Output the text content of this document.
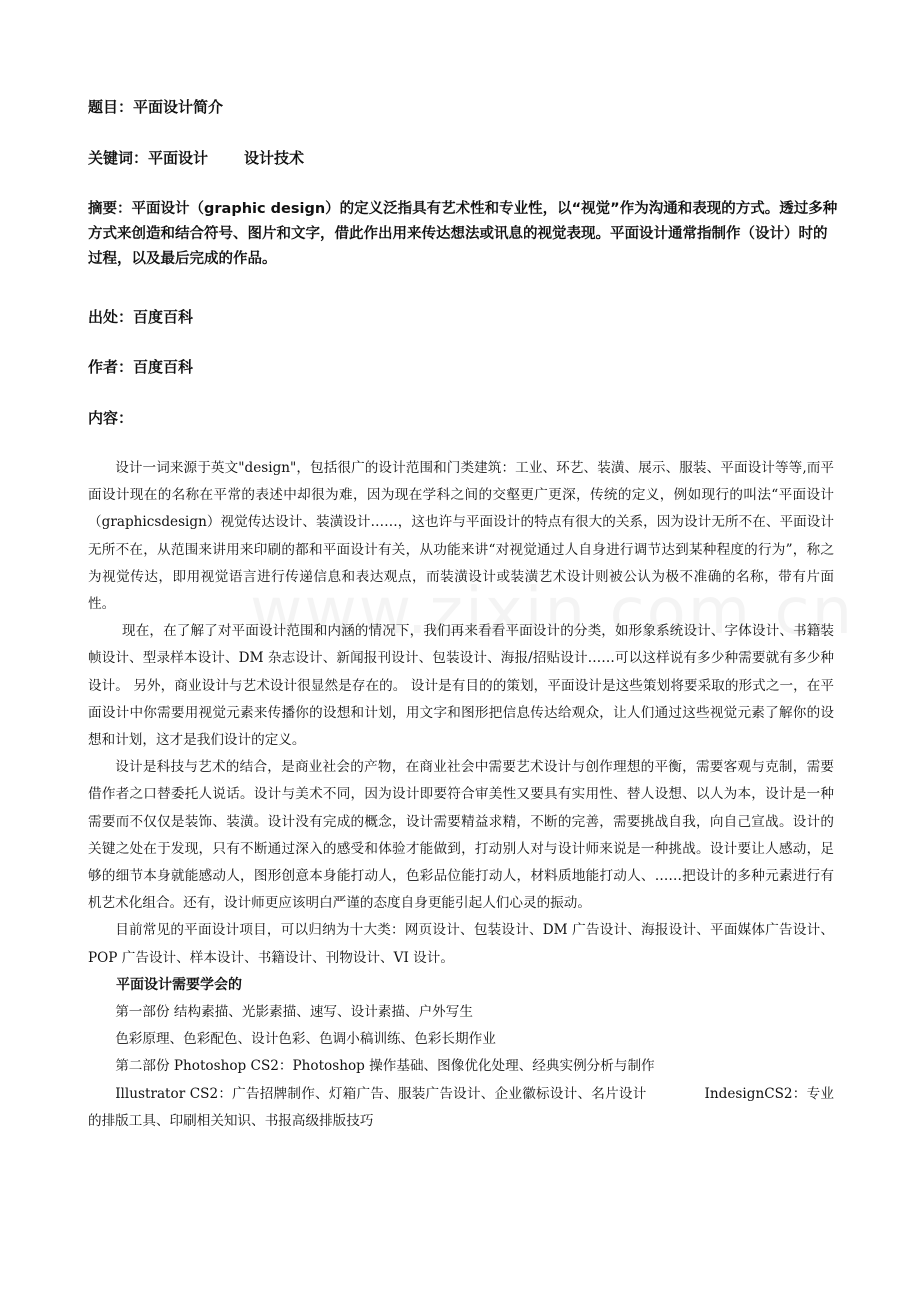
题目：平面设计简介
关键词：平面设计 设计技术
摘要：平面设计（graphic design）的定义泛指具有艺术性和专业性，以“视觉”作为沟通和表现的方式。透过多种方式来创造和结合符号、图片和文字，借此作出用来传达想法或讯息的视觉表现。平面设计通常指制作（设计）时的过程，以及最后完成的作品。
出处：百度百科
作者：百度百科
内容：

设计一词来源于英文"design"，包括很广的设计范围和门类建筑：工业、环艺、装潢、展示、服装、平面设计等等,而平面设计现在的名称在平常的表述中却很为难，因为现在学科之间的交壑更广更深，传统的定义，例如现行的叫法“平面设计（graphicsdesign）视觉传达设计、装潢设计……，这也许与平面设计的特点有很大的关系，因为设计无所不在、平面设计无所不在，从范围来讲用来印刷的都和平面设计有关，从功能来讲“对视觉通过人自身进行调节达到某种程度的行为”，称之为视觉传达，即用视觉语言进行传递信息和表达观点，而装潢设计或装潢艺术设计则被公认为极不准确的名称，带有片面性。

现在，在了解了对平面设计范围和内涵的情况下，我们再来看看平面设计的分类，如形象系统设计、字体设计、书籍装帧设计、型录样本设计、DM 杂志设计、新闻报刊设计、包装设计、海报/招贴设计……可以这样说有多少种需要就有多少种设计。 另外，商业设计与艺术设计很显然是存在的。 设计是有目的的策划，平面设计是这些策划将要采取的形式之一，在平面设计中你需要用视觉元素来传播你的设想和计划，用文字和图形把信息传达给观众，让人们通过这些视觉元素了解你的设想和计划，这才是我们设计的定义。

设计是科技与艺术的结合，是商业社会的产物，在商业社会中需要艺术设计与创作理想的平衡，需要客观与克制，需要借作者之口替委托人说话。设计与美术不同，因为设计即要符合审美性又要具有实用性、替人设想、以人为本，设计是一种需要而不仅仅是装饰、装潢。设计没有完成的概念，设计需要精益求精，不断的完善，需要挑战自我，向自己宣战。设计的关键之处在于发现，只有不断通过深入的感受和体验才能做到，打动别人对与设计师来说是一种挑战。设计要让人感动，足够的细节本身就能感动人，图形创意本身能打动人，色彩品位能打动人，材料质地能打动人、……把设计的多种元素进行有机艺术化组合。还有，设计师更应该明白严谨的态度自身更能引起人们心灵的振动。

目前常见的平面设计项目，可以归纳为十大类：网页设计、包装设计、DM 广告设计、海报设计、平面媒体广告设计、POP 广告设计、样本设计、书籍设计、刊物设计、VI 设计。

平面设计需要学会的

第一部份 结构素描、光影素描、速写、设计素描、户外写生

色彩原理、色彩配色、设计色彩、色调小稿训练、色彩长期作业

第二部份 Photoshop CS2：Photoshop 操作基础、图像优化处理、经典实例分析与制作

Illustrator CS2：广告招牌制作、灯箱广告、服装广告设计、企业徽标设计、名片设计	IndesignCS2：专业的排版工具、印刷相关知识、书报高级排版技巧
